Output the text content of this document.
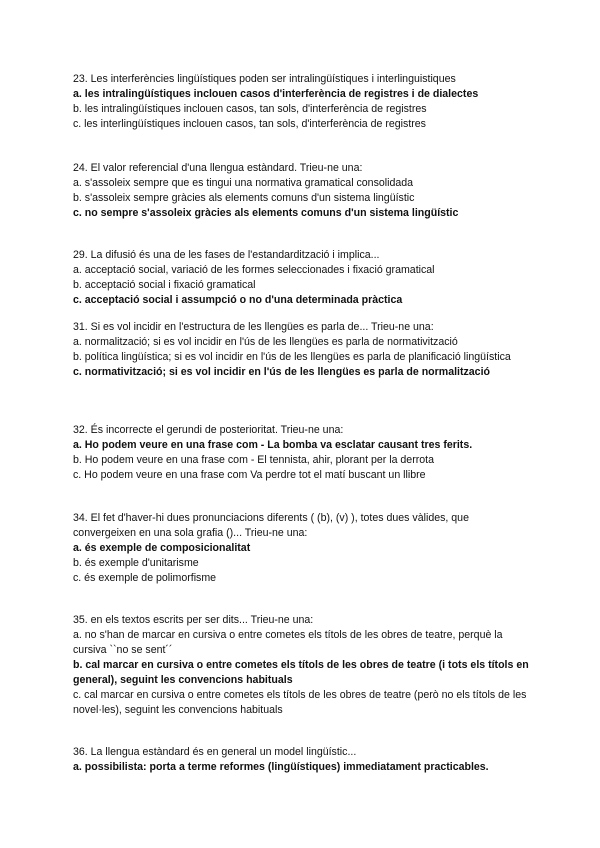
23. Les interferències lingüístiques poden ser intralingüístiques i interlinguistiques
a. les intralingüístiques inclouen casos d'interferència de registres i de dialectes
b. les intralingüístiques inclouen casos, tan sols, d'interferència de registres
c. les interlingüístiques inclouen casos, tan sols, d'interferència de registres
24. El valor referencial d'una llengua estàndard. Trieu-ne una:
a. s'assoleix sempre que es tingui una normativa gramatical consolidada
b. s'assoleix sempre gràcies als elements comuns d'un sistema lingüístic
c. no sempre s'assoleix gràcies als elements comuns d'un sistema lingüístic
29. La difusió és una de les fases de l'estandardització i implica...
a. acceptació social, variació de les formes seleccionades i fixació gramatical
b. acceptació social i fixació gramatical
c. acceptació social i assumpció o no d'una determinada pràctica
31. Si es vol incidir en l'estructura de les llengües es parla de... Trieu-ne una:
a. normalització; si es vol incidir en l'ús de les llengües es parla de normativització
b. política lingüística; si es vol incidir en l'ús de les llengües es parla de planificació lingüística
c. normativització; si es vol incidir en l'ús de les llengües es parla de normalització
32. És incorrecte el gerundi de posterioritat. Trieu-ne una:
a. Ho podem veure en una frase com - La bomba va esclatar causant tres ferits.
b. Ho podem veure en una frase com - El tennista, ahir, plorant per la derrota
c. Ho podem veure en una frase com Va perdre tot el matí buscant un llibre
34. El fet d'haver-hi dues pronunciacions diferents ( (b), (v) ), totes dues vàlides, que convergeixen en una sola grafia ()... Trieu-ne una:
a. és exemple de composicionalitat
b. és exemple d'unitarisme
c. és exemple de polimorfisme
35. en els textos escrits per ser dits... Trieu-ne una:
a. no s'han de marcar en cursiva o entre cometes els títols de les obres de teatre, perquè la cursiva ``no se sent´´
b. cal marcar en cursiva o entre cometes els títols de les obres de teatre (i tots els títols en general), seguint les convencions habituals
c. cal marcar en cursiva o entre cometes els títols de les obres de teatre (però no els títols de les novel·les), seguint les convencions habituals
36. La llengua estàndard és en general un model lingüístic...
a. possibilista: porta a terme reformes (lingüístiques) immediatament practicables.
